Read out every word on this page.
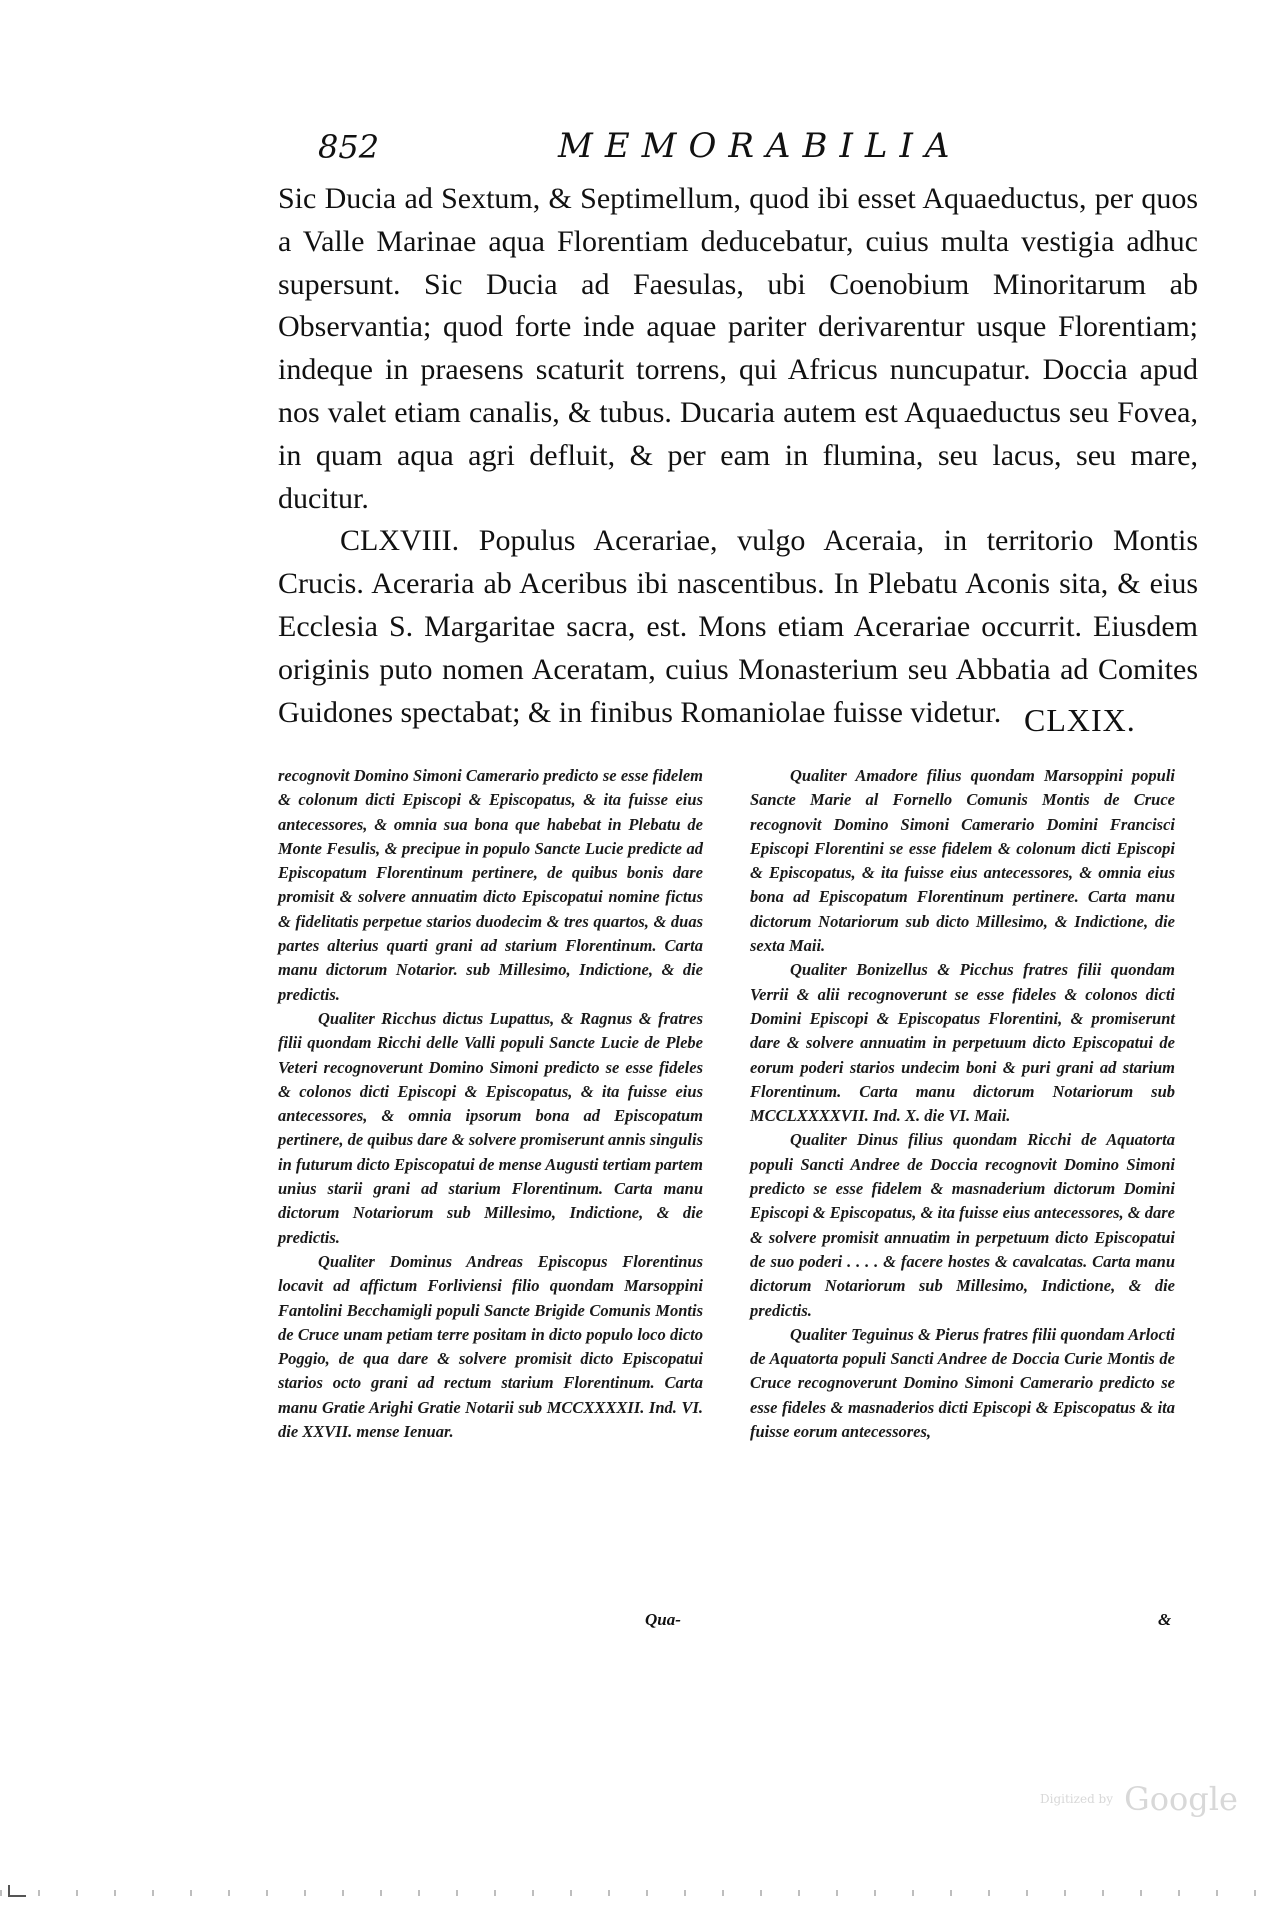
852	MEMORABILIA

Sic Ducia ad Sextum, & Septimellum, quod ibi esset Aquaeductus, per quos a Valle Marinae aqua Florentiam deducebatur, cuius multa vestigia adhuc supersunt. Sic Ducia ad Faesulas, ubi Coenobium Minoritarum ab Observantia; quod forte inde aquae pariter derivarentur usque Florentiam; indeque in praesens scaturit torrens, qui Africus nuncupatur. Doccia apud nos valet etiam canalis, & tubus. Ducaria autem est Aquaeductus seu Fovea, in quam aqua agri defluit, & per eam in flumina, seu lacus, seu mare, ducitur.

CLXVIII. Populus Acerariae, vulgo Aceraia, in territorio Montis Crucis. Aceraria ab Aceribus ibi nascentibus. In Plebatu Aconis sita, & eius Ecclesia S. Margaritae sacra, est. Mons etiam Acerariae occurrit. Eiusdem originis puto nomen Aceratam, cuius Monasterium seu Abbatia ad Comites Guidones spectabat; & in finibus Romaniolae fuisse videtur. CLXIX.

recognovit Domino Simoni Camerario predicto se esse fidelem & colonum dicti Episcopi & Episcopatus, & ita fuisse eius antecessores, & omnia sua bona que habebat in Plebatu de Monte Fesulis, & precipue in populo Sancte Lucie predicte ad Episcopatum Florentinum pertinere, de quibus bonis dare promisit & solvere annuatim dicto Episcopatui nomine fictus & fidelitatis perpetue starios duodecim & tres quartos, & duas partes alterius quarti grani ad starium Florentinum. Carta manu dictorum Notarior. sub Millesimo, Indictione, & die predictis.

Qualiter Ricchus dictus Lupattus, & Ragnus & fratres filii quondam Ricchi delle Valli populi Sancte Lucie de Plebe Veteri recognoverunt Domino Simoni predicto se esse fideles & colonos dicti Episcopi & Episcopatus, & ita fuisse eius antecessores, & omnia ipsorum bona ad Episcopatum pertinere, de quibus dare & solvere promiserunt annis singulis in futurum dicto Episcopatui de mense Augusti tertiam partem unius starii grani ad starium Florentinum. Carta manu dictorum Notariorum sub Millesimo, Indictione, & die predictis.

Qualiter Dominus Andreas Episcopus Florentinus locavit ad affictum Forliviensi filio quondam Marsoppini Fantolini Becchamigli populi Sancte Brigide Comunis Montis de Cruce unam petiam terre positam in dicto populo loco dicto Poggio, de qua dare & solvere promisit dicto Episcopatui starios octo grani ad rectum starium Florentinum. Carta manu Gratie Arighi Gratie Notarii sub MCCXXXXII. Ind. VI. die XXVII. mense Ienuar.

Qualiter Amadore filius quondam Marsoppini populi Sancte Marie al Fornello Comunis Montis de Cruce recognovit Domino Simoni Camerario Domini Francisci Episcopi Florentini se esse fidelem & colonum dicti Episcopi & Episcopatus, & ita fuisse eius antecessores, & omnia eius bona ad Episcopatum Florentinum pertinere. Carta manu dictorum Notariorum sub dicto Millesimo, & Indictione, die sexta Maii.

Qualiter Bonizellus & Picchus fratres filii quondam Verrii & alii recognoverunt se esse fideles & colonos dicti Domini Episcopi & Episcopatus Florentini, & promiserunt dare & solvere annuatim in perpetuum dicto Episcopatui de eorum poderi starios undecim boni & puri grani ad starium Florentinum. Carta manu dictorum Notariorum sub MCCLXXXXVII. Ind. X. die VI. Maii.

Qualiter Dinus filius quondam Ricchi de Aquatorta populi Sancti Andree de Doccia recognovit Domino Simoni predicto se esse fidelem & masnaderium dictorum Domini Episcopi & Episcopatus, & ita fuisse eius antecessores, & dare & solvere promisit annuatim in perpetuum dicto Episcopatui de suo poderi . . . . & facere hostes & cavalcatas. Carta manu dictorum Notariorum sub Millesimo, Indictione, & die predictis.

Qualiter Teguinus & Pierus fratres filii quondam Arlocti de Aquatorta populi Sancti Andree de Doccia Curie Montis de Cruce recognoverunt Domino Simoni Camerario predicto se esse fideles & masnaderios dicti Episcopi & Episcopatus & ita fuisse eorum antecessores,

Qua-	&
Digitized by Google
